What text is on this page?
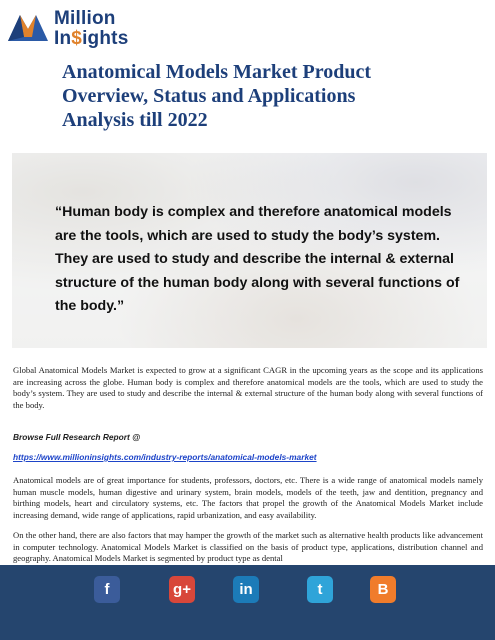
Million
In$ights
Anatomical Models Market Product Overview, Status and Applications Analysis till 2022
“Human body is complex and therefore anatomical models are the tools, which are used to study the body’s system. They are used to study and describe the internal & external structure of the human body along with several functions of the body.”

Global Anatomical Models Market is expected to grow at a significant CAGR in the upcoming years as the scope and its applications are increasing across the globe. Human body is complex and therefore anatomical models are the tools, which are used to study the body’s system. They are used to study and describe the internal & external structure of the human body along with several functions of the body.

Browse Full Research Report @
https://www.millioninsights.com/industry-reports/anatomical-models-market

Anatomical models are of great importance for students, professors, doctors, etc. There is a wide range of anatomical models namely human muscle models, human digestive and urinary system, brain models, models of the teeth, jaw and dentition, pregnancy and birthing models, heart and circulatory systems, etc. The factors that propel the growth of the Anatomical Models Market include increasing demand, wide range of applications, rapid urbanization, and easy availability.

On the other hand, there are also factors that may hamper the growth of the market such as alternative health products like advancement in computer technology. Anatomical Models Market is classified on the basis of product type, applications, distribution channel and geography. Anatomical Models Market is segmented by product type as dental

f	g+	in	t	B
